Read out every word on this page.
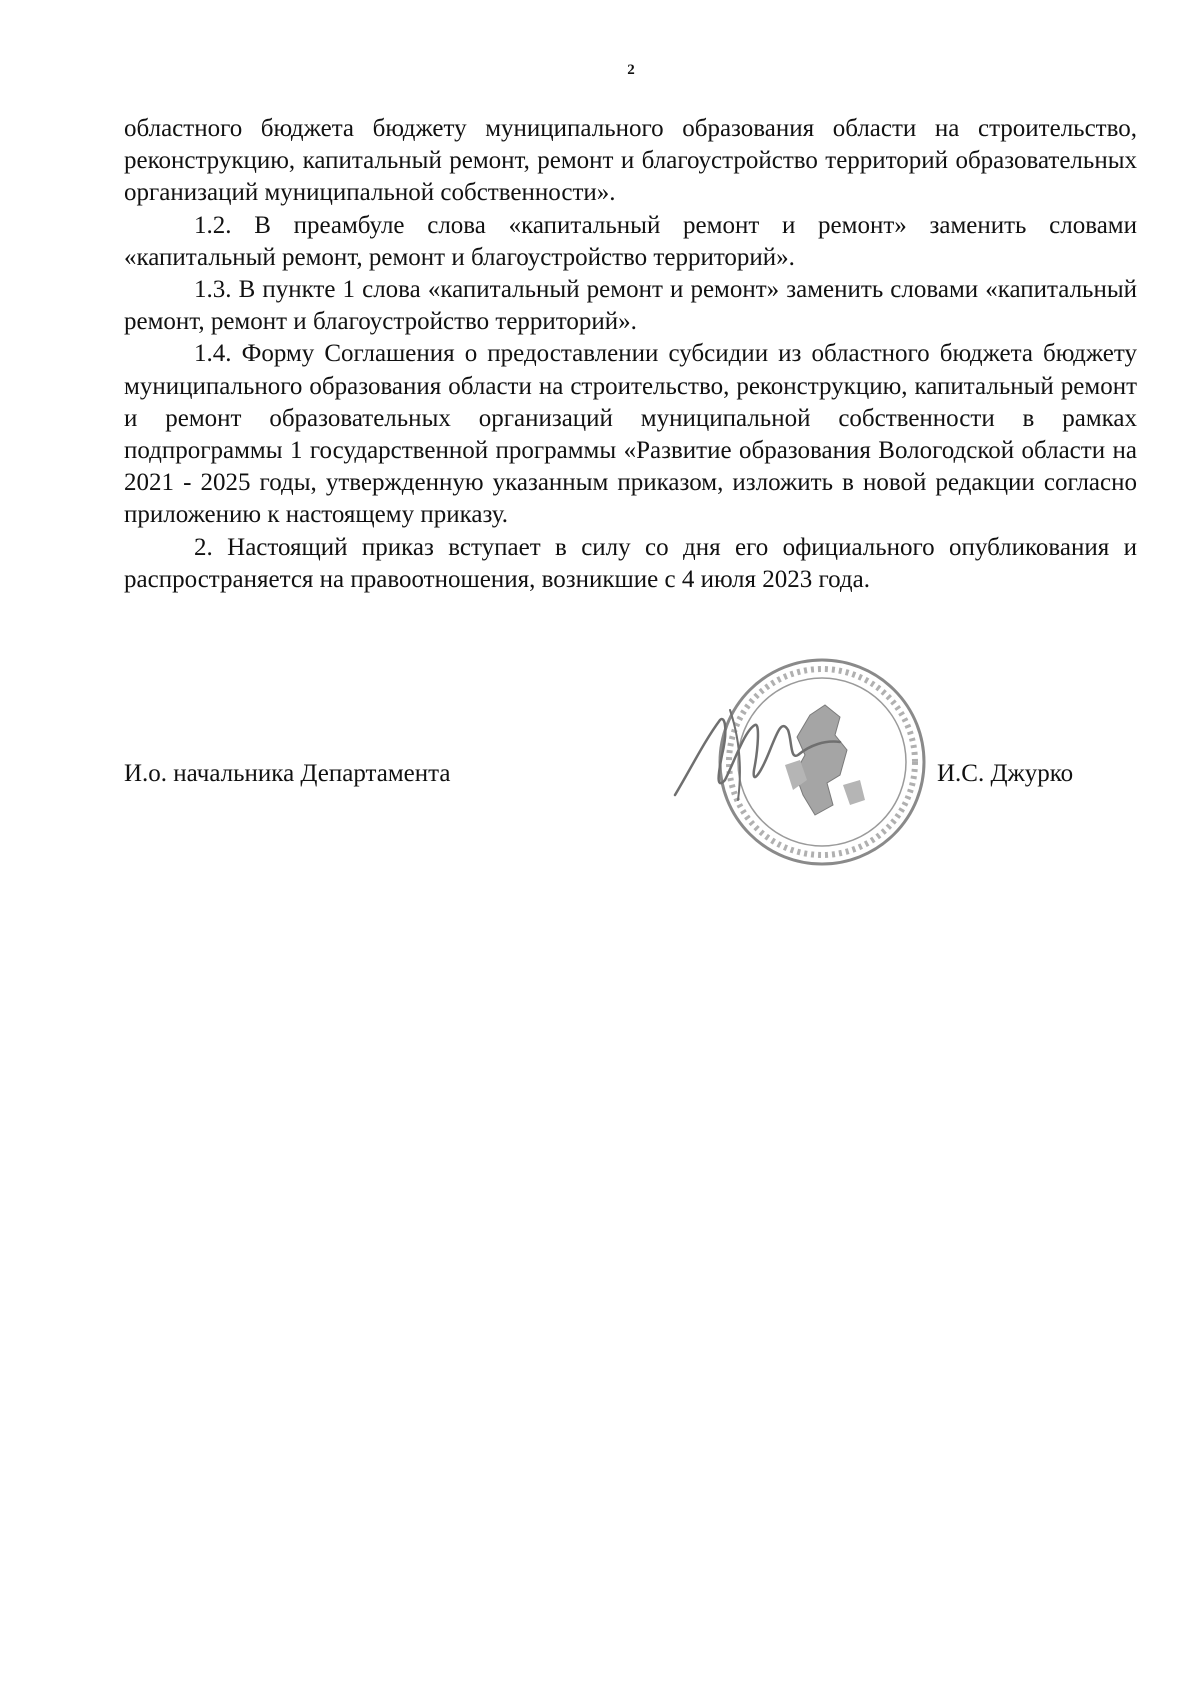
2

областного бюджета бюджету муниципального образования области на строительство, реконструкцию, капитальный ремонт, ремонт и благоустройство территорий образовательных организаций муниципальной собственности».

1.2. В преамбуле слова «капитальный ремонт и ремонт» заменить словами «капитальный ремонт, ремонт и благоустройство территорий».

1.3. В пункте 1 слова «капитальный ремонт и ремонт» заменить словами «капитальный ремонт, ремонт и благоустройство территорий».

1.4. Форму Соглашения о предоставлении субсидии из областного бюджета бюджету муниципального образования области на строительство, реконструкцию, капитальный ремонт и ремонт образовательных организаций муниципальной собственности в рамках подпрограммы 1 государственной программы «Развитие образования Вологодской области на 2021 - 2025 годы, утвержденную указанным приказом, изложить в новой редакции согласно приложению к настоящему приказу.

2. Настоящий приказ вступает в силу со дня его официального опубликования и распространяется на правоотношения, возникшие с 4 июля 2023 года.

И.о. начальника Департамента	И.С. Джурко
